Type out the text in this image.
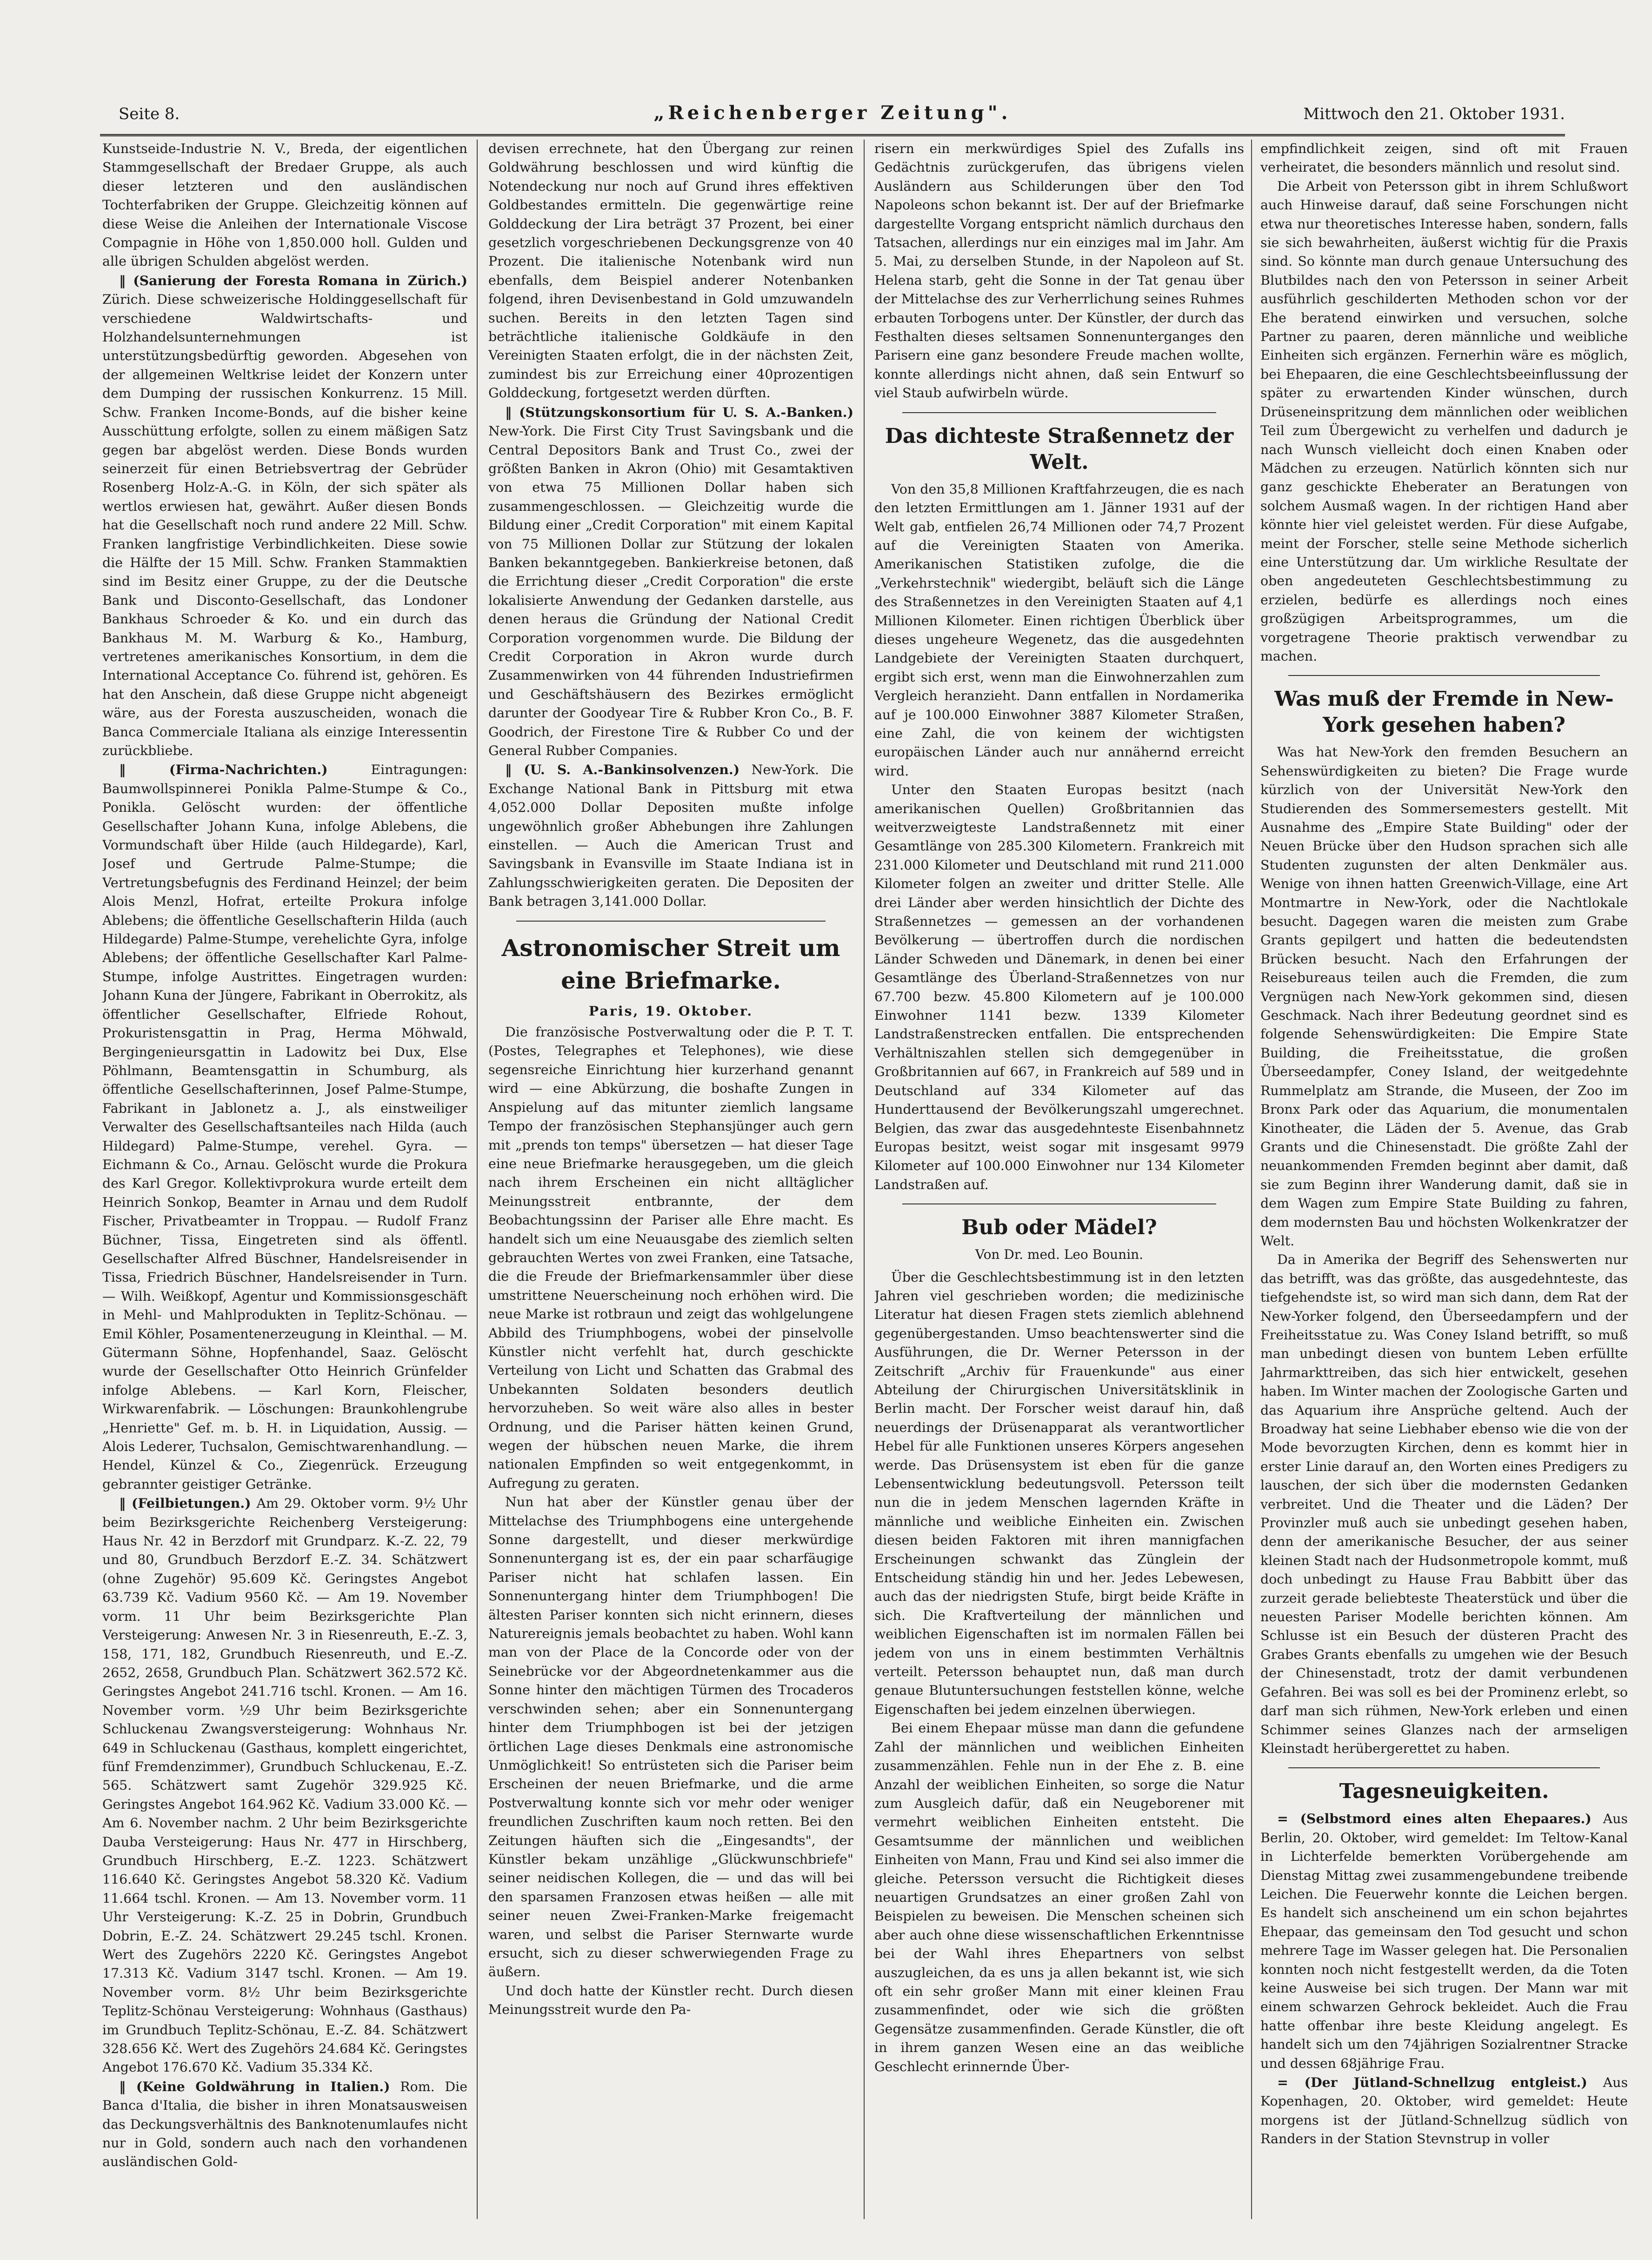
Seite 8.	„Reichenberger Zeitung".	Mittwoch den 21. Oktober 1931.

Kunstseide-Industrie N. V., Breda, der eigentlichen Stammgesellschaft der Bredaer Gruppe, als auch dieser letzteren und den ausländischen Tochterfabriken der Gruppe. Gleichzeitig können auf diese Weise die Anleihen der Internationale Viscose Compagnie in Höhe von 1,850.000 holl. Gulden und alle übrigen Schulden abgelöst werden.

‖ (Sanierung der Foresta Romana in Zürich.) Zürich. Diese schweizerische Holdinggesellschaft für verschiedene Waldwirtschafts- und Holzhandelsunternehmungen ist unterstützungsbedürftig geworden. Abgesehen von der allgemeinen Weltkrise leidet der Konzern unter dem Dumping der russischen Konkurrenz. 15 Mill. Schw. Franken Income-Bonds, auf die bisher keine Ausschüttung erfolgte, sollen zu einem mäßigen Satz gegen bar abgelöst werden. Diese Bonds wurden seinerzeit für einen Betriebsvertrag der Gebrüder Rosenberg Holz-A.-G. in Köln, der sich später als wertlos erwiesen hat, gewährt. Außer diesen Bonds hat die Gesellschaft noch rund andere 22 Mill. Schw. Franken langfristige Verbindlichkeiten. Diese sowie die Hälfte der 15 Mill. Schw. Franken Stammaktien sind im Besitz einer Gruppe, zu der die Deutsche Bank und Disconto-Gesellschaft, das Londoner Bankhaus Schroeder & Ko. und ein durch das Bankhaus M. M. Warburg & Ko., Hamburg, vertretenes amerikanisches Konsortium, in dem die International Acceptance Co. führend ist, gehören. Es hat den Anschein, daß diese Gruppe nicht abgeneigt wäre, aus der Foresta auszuscheiden, wonach die Banca Commerciale Italiana als einzige Interessentin zurückbliebe.

‖ (Firma-Nachrichten.)	Eintragungen: Baumwollspinnerei Ponikla Palme-Stumpe & Co., Ponikla. Gelöscht wurden: der öffentliche Gesellschafter Johann Kuna, infolge Ablebens, die Vormundschaft über Hilde (auch Hildegarde), Karl, Josef und Gertrude Palme-Stumpe; die Vertretungsbefugnis des Ferdinand Heinzel; der beim Alois Menzl, Hofrat, erteilte Prokura infolge Ablebens; die öffentliche Gesellschafterin Hilda (auch Hildegarde) Palme-Stumpe, verehelichte Gyra, infolge Ablebens; der öffentliche Gesellschafter Karl Palme-Stumpe, infolge Austrittes. Eingetragen wurden: Johann Kuna der Jüngere, Fabrikant in Oberrokitz, als öffentlicher Gesellschafter, Elfriede Rohout, Prokuristensgattin in Prag, Herma Möhwald, Bergingenieursgattin in Ladowitz bei Dux, Else Pöhlmann, Beamtensgattin in Schumburg, als öffentliche Gesellschafterinnen, Josef Palme-Stumpe, Fabrikant in Jablonetz a. J., als einstweiliger Verwalter des Gesellschaftsanteiles nach Hilda (auch Hildegard) Palme-Stumpe, verehel. Gyra. — Eichmann & Co., Arnau. Gelöscht wurde die Prokura des Karl Gregor. Kollektivprokura wurde erteilt dem Heinrich Sonkop, Beamter in Arnau und dem Rudolf Fischer, Privatbeamter in Troppau. — Rudolf Franz Büchner, Tissa, Eingetreten sind als öffentl. Gesellschafter Alfred Büschner, Handelsreisender in Tissa, Friedrich Büschner, Handelsreisender in Turn. — Wilh. Weißkopf, Agentur und Kommissionsgeschäft in Mehl- und Mahlprodukten in Teplitz-Schönau. — Emil Köhler, Posamentenerzeugung in Kleinthal. — M. Gütermann Söhne, Hopfenhandel, Saaz. Gelöscht wurde der Gesellschafter Otto Heinrich Grünfelder infolge Ablebens. — Karl Korn, Fleischer, Wirkwarenfabrik. — Löschungen: Braunkohlengrube „Henriette" Gef. m. b. H. in Liquidation, Aussig. — Alois Lederer, Tuchsalon, Gemischtwarenhandlung. — Hendel, Künzel & Co., Ziegenrück. Erzeugung gebrannter geistiger Getränke.

‖ (Feilbietungen.) Am 29. Oktober vorm. 9½ Uhr beim Bezirksgerichte Reichenberg Versteigerung: Haus Nr. 42 in Berzdorf mit Grundparz. K.-Z. 22, 79 und 80, Grundbuch Berzdorf E.-Z. 34. Schätzwert (ohne Zugehör) 95.609 Kč. Geringstes Angebot 63.739 Kč. Vadium 9560 Kč. — Am 19. November vorm. 11 Uhr beim Bezirksgerichte Plan Versteigerung: Anwesen Nr. 3 in Riesenreuth, E.-Z. 3, 158, 171, 182, Grundbuch Riesenreuth, und E.-Z. 2652, 2658, Grundbuch Plan. Schätzwert 362.572 Kč. Geringstes Angebot 241.716 tschl. Kronen. — Am 16. November vorm. ½9 Uhr beim Bezirksgerichte Schluckenau Zwangsversteigerung: Wohnhaus Nr. 649 in Schluckenau (Gasthaus, komplett eingerichtet, fünf Fremdenzimmer), Grundbuch Schluckenau, E.-Z. 565. Schätzwert samt Zugehör 329.925 Kč. Geringstes Angebot 164.962 Kč. Vadium 33.000 Kč. — Am 6. November nachm. 2 Uhr beim Bezirksgerichte Dauba Versteigerung: Haus Nr. 477 in Hirschberg, Grundbuch Hirschberg, E.-Z. 1223. Schätzwert 116.640 Kč. Geringstes Angebot 58.320 Kč. Vadium 11.664 tschl. Kronen. — Am 13. November vorm. 11 Uhr Versteigerung: K.-Z. 25 in Dobrin, Grundbuch Dobrin, E.-Z. 24. Schätzwert 29.245 tschl. Kronen. Wert des Zugehörs 2220 Kč. Geringstes Angebot 17.313 Kč. Vadium 3147 tschl. Kronen. — Am 19. November vorm. 8½ Uhr beim Bezirksgerichte Teplitz-Schönau Versteigerung: Wohnhaus (Gasthaus) im Grundbuch Teplitz-Schönau, E.-Z. 84. Schätzwert 328.656 Kč. Wert des Zugehörs 24.684 Kč. Geringstes Angebot 176.670 Kč. Vadium 35.334 Kč.

‖ (Keine Goldwährung in Italien.) Rom. Die Banca d'Italia, die bisher in ihren Monatsausweisen das Deckungsverhältnis des Banknotenumlaufes nicht nur in Gold, sondern auch nach den vorhandenen ausländischen Gold-

devisen errechnete, hat den Übergang zur reinen Goldwährung beschlossen und wird künftig die Notendeckung nur noch auf Grund ihres effektiven Goldbestandes ermitteln. Die gegenwärtige reine Golddeckung der Lira beträgt 37 Prozent, bei einer gesetzlich vorgeschriebenen Deckungsgrenze von 40 Prozent. Die italienische Notenbank wird nun ebenfalls, dem Beispiel anderer Notenbanken folgend, ihren Devisenbestand in Gold umzuwandeln suchen. Bereits in den letzten Tagen sind beträchtliche italienische Goldkäufe in den Vereinigten Staaten erfolgt, die in der nächsten Zeit, zumindest bis zur Erreichung einer 40prozentigen Golddeckung, fortgesetzt werden dürften.

‖ (Stützungskonsortium für U. S. A.-Banken.) New-York. Die First City Trust Savingsbank und die Central Depositors Bank and Trust Co., zwei der größten Banken in Akron (Ohio) mit Gesamtaktiven von etwa 75 Millionen Dollar haben sich zusammengeschlossen. — Gleichzeitig wurde die Bildung einer „Credit Corporation" mit einem Kapital von 75 Millionen Dollar zur Stützung der lokalen Banken bekanntgegeben. Bankierkreise betonen, daß die Errichtung dieser „Credit Corporation" die erste lokalisierte Anwendung der Gedanken darstelle, aus denen heraus die Gründung der National Credit Corporation vorgenommen wurde. Die Bildung der Credit Corporation in Akron wurde durch Zusammenwirken von 44 führenden Industriefirmen und Geschäftshäusern des Bezirkes ermöglicht darunter der Goodyear Tire & Rubber Kron Co., B. F. Goodrich, der Firestone Tire & Rubber Co und der General Rubber Companies.

‖ (U. S. A.-Bankinsolvenzen.) New-York. Die Exchange National Bank in Pittsburg mit etwa 4,052.000 Dollar Depositen mußte infolge ungewöhnlich großer Abhebungen ihre Zahlungen einstellen. — Auch die American Trust and Savingsbank in Evansville im Staate Indiana ist in Zahlungsschwierigkeiten geraten. Die Depositen der Bank betragen 3,141.000 Dollar.

Astronomischer Streit um eine Briefmarke.
Paris, 19. Oktober.

Die französische Postverwaltung oder die P. T. T. (Postes, Telegraphes et Telephones), wie diese segensreiche Einrichtung hier kurzerhand genannt wird — eine Abkürzung, die boshafte Zungen in Anspielung auf das mitunter ziemlich langsame Tempo der französischen Stephansjünger auch gern mit „prends ton temps" übersetzen — hat dieser Tage eine neue Briefmarke herausgegeben, um die gleich nach ihrem Erscheinen ein nicht alltäglicher Meinungsstreit entbrannte, der dem Beobachtungssinn der Pariser alle Ehre macht. Es handelt sich um eine Neuausgabe des ziemlich selten gebrauchten Wertes von zwei Franken, eine Tatsache, die die Freude der Briefmarkensammler über diese umstrittene Neuerscheinung noch erhöhen wird. Die neue Marke ist rotbraun und zeigt das wohlgelungene Abbild des Triumphbogens, wobei der pinselvolle Künstler nicht verfehlt hat, durch geschickte Verteilung von Licht und Schatten das Grabmal des Unbekannten Soldaten besonders deutlich hervorzuheben. So weit wäre also alles in bester Ordnung, und die Pariser hätten keinen Grund, wegen der hübschen neuen Marke, die ihrem nationalen Empfinden so weit entgegenkommt, in Aufregung zu geraten.

Nun hat aber der Künstler genau über der Mittelachse des Triumphbogens eine untergehende Sonne dargestellt, und dieser merkwürdige Sonnenuntergang ist es, der ein paar scharfäugige Pariser nicht hat schlafen lassen. Ein Sonnenuntergang hinter dem Triumphbogen! Die ältesten Pariser konnten sich nicht erinnern, dieses Naturereignis jemals beobachtet zu haben. Wohl kann man von der Place de la Concorde oder von der Seinebrücke vor der Abgeordnetenkammer aus die Sonne hinter den mächtigen Türmen des Trocaderos verschwinden sehen; aber ein Sonnenuntergang hinter dem Triumphbogen ist bei der jetzigen örtlichen Lage dieses Denkmals eine astronomische Unmöglichkeit! So entrüsteten sich die Pariser beim Erscheinen der neuen Briefmarke, und die arme Postverwaltung konnte sich vor mehr oder weniger freundlichen Zuschriften kaum noch retten. Bei den Zeitungen häuften sich die „Eingesandts", der Künstler bekam unzählige „Glückwunschbriefe" seiner neidischen Kollegen, die — und das will bei den sparsamen Franzosen etwas heißen — alle mit seiner neuen Zwei-Franken-Marke freigemacht waren, und selbst die Pariser Sternwarte wurde ersucht, sich zu dieser schwerwiegenden Frage zu äußern.

Und doch hatte der Künstler recht. Durch diesen Meinungsstreit wurde den Pa-

risern ein merkwürdiges Spiel des Zufalls ins Gedächtnis zurückgerufen, das übrigens vielen Ausländern aus Schilderungen über den Tod Napoleons schon bekannt ist. Der auf der Briefmarke dargestellte Vorgang entspricht nämlich durchaus den Tatsachen, allerdings nur ein einziges mal im Jahr. Am 5. Mai, zu derselben Stunde, in der Napoleon auf St. Helena starb, geht die Sonne in der Tat genau über der Mittelachse des zur Verherrlichung seines Ruhmes erbauten Torbogens unter. Der Künstler, der durch das Festhalten dieses seltsamen Sonnenunterganges den Parisern eine ganz besondere Freude machen wollte, konnte allerdings nicht ahnen, daß sein Entwurf so viel Staub aufwirbeln würde.

Das dichteste Straßennetz der Welt.

Von den 35,8 Millionen Kraftfahrzeugen, die es nach den letzten Ermittlungen am 1. Jänner 1931 auf der Welt gab, entfielen 26,74 Millionen oder 74,7 Prozent auf die Vereinigten Staaten von Amerika. Amerikanischen Statistiken zufolge, die die „Verkehrstechnik" wiedergibt, beläuft sich die Länge des Straßennetzes in den Vereinigten Staaten auf 4,1 Millionen Kilometer. Einen richtigen Überblick über dieses ungeheure Wegenetz, das die ausgedehnten Landgebiete der Vereinigten Staaten durchquert, ergibt sich erst, wenn man die Einwohnerzahlen zum Vergleich heranzieht. Dann entfallen in Nordamerika auf je 100.000 Einwohner 3887 Kilometer Straßen, eine Zahl, die von keinem der wichtigsten europäischen Länder auch nur annähernd erreicht wird.

Unter den Staaten Europas besitzt (nach amerikanischen Quellen) Großbritannien das weitverzweigteste Landstraßennetz mit einer Gesamtlänge von 285.300 Kilometern. Frankreich mit 231.000 Kilometer und Deutschland mit rund 211.000 Kilometer folgen an zweiter und dritter Stelle. Alle drei Länder aber werden hinsichtlich der Dichte des Straßennetzes — gemessen an der vorhandenen Bevölkerung — übertroffen durch die nordischen Länder Schweden und Dänemark, in denen bei einer Gesamtlänge des Überland-Straßennetzes von nur 67.700 bezw. 45.800 Kilometern auf je 100.000 Einwohner 1141 bezw. 1339 Kilometer Landstraßenstrecken entfallen. Die entsprechenden Verhältniszahlen stellen sich demgegenüber in Großbritannien auf 667, in Frankreich auf 589 und in Deutschland auf 334 Kilometer auf das Hunderttausend der Bevölkerungszahl umgerechnet. Belgien, das zwar das ausgedehnteste Eisenbahnnetz Europas besitzt, weist sogar mit insgesamt 9979 Kilometer auf 100.000 Einwohner nur 134 Kilometer Landstraßen auf.

Bub oder Mädel?
Von Dr. med. Leo Bounin.

Über die Geschlechtsbestimmung ist in den letzten Jahren viel geschrieben worden; die medizinische Literatur hat diesen Fragen stets ziemlich ablehnend gegenübergestanden. Umso beachtenswerter sind die Ausführungen, die Dr. Werner Petersson in der Zeitschrift „Archiv für Frauenkunde" aus einer Abteilung der Chirurgischen Universitätsklinik in Berlin macht. Der Forscher weist darauf hin, daß neuerdings der Drüsenapparat als verantwortlicher Hebel für alle Funktionen unseres Körpers angesehen werde. Das Drüsensystem ist eben für die ganze Lebensentwicklung bedeutungsvoll. Petersson teilt nun die in jedem Menschen lagernden Kräfte in männliche und weibliche Einheiten ein. Zwischen diesen beiden Faktoren mit ihren mannigfachen Erscheinungen schwankt das Zünglein der Entscheidung ständig hin und her. Jedes Lebewesen, auch das der niedrigsten Stufe, birgt beide Kräfte in sich. Die Kraftverteilung der männlichen und weiblichen Eigenschaften ist im normalen Fällen bei jedem von uns in einem bestimmten Verhältnis verteilt. Petersson behauptet nun, daß man durch genaue Blutuntersuchungen feststellen könne, welche Eigenschaften bei jedem einzelnen überwiegen.

Bei einem Ehepaar müsse man dann die gefundene Zahl der männlichen und weiblichen Einheiten zusammenzählen. Fehle nun in der Ehe z. B. eine Anzahl der weiblichen Einheiten, so sorge die Natur zum Ausgleich dafür, daß ein Neugeborener mit vermehrt weiblichen Einheiten entsteht. Die Gesamtsumme der männlichen und weiblichen Einheiten von Mann, Frau und Kind sei also immer die gleiche. Petersson versucht die Richtigkeit dieses neuartigen Grundsatzes an einer großen Zahl von Beispielen zu beweisen. Die Menschen scheinen sich aber auch ohne diese wissenschaftlichen Erkenntnisse bei der Wahl ihres Ehepartners von selbst auszugleichen, da es uns ja allen bekannt ist, wie sich oft ein sehr großer Mann mit einer kleinen Frau zusammenfindet, oder wie sich die größten Gegensätze zusammenfinden. Gerade Künstler, die oft in ihrem ganzen Wesen eine an das weibliche Geschlecht erinnernde Über-

empfindlichkeit zeigen, sind oft mit Frauen verheiratet, die besonders männlich und resolut sind.

Die Arbeit von Petersson gibt in ihrem Schlußwort auch Hinweise darauf, daß seine Forschungen nicht etwa nur theoretisches Interesse haben, sondern, falls sie sich bewahrheiten, äußerst wichtig für die Praxis sind. So könnte man durch genaue Untersuchung des Blutbildes nach den von Petersson in seiner Arbeit ausführlich geschilderten Methoden schon vor der Ehe beratend einwirken und versuchen, solche Partner zu paaren, deren männliche und weibliche Einheiten sich ergänzen. Fernerhin wäre es möglich, bei Ehepaaren, die eine Geschlechtsbeeinflussung der später zu erwartenden Kinder wünschen, durch Drüseneinspritzung dem männlichen oder weiblichen Teil zum Übergewicht zu verhelfen und dadurch je nach Wunsch vielleicht doch einen Knaben oder Mädchen zu erzeugen. Natürlich könnten sich nur ganz geschickte Eheberater an Beratungen von solchem Ausmaß wagen. In der richtigen Hand aber könnte hier viel geleistet werden. Für diese Aufgabe, meint der Forscher, stelle seine Methode sicherlich eine Unterstützung dar. Um wirkliche Resultate der oben angedeuteten Geschlechtsbestimmung zu erzielen, bedürfe es allerdings noch eines großzügigen Arbeitsprogrammes, um die vorgetragene Theorie praktisch verwendbar zu machen.

Was muß der Fremde in New-York gesehen haben?

Was hat New-York den fremden Besuchern an Sehenswürdigkeiten zu bieten? Die Frage wurde kürzlich von der Universität New-York den Studierenden des Sommersemesters gestellt. Mit Ausnahme des „Empire State Building" oder der Neuen Brücke über den Hudson sprachen sich alle Studenten zugunsten der alten Denkmäler aus. Wenige von ihnen hatten Greenwich-Village, eine Art Montmartre in New-York, oder die Nachtlokale besucht. Dagegen waren die meisten zum Grabe Grants gepilgert und hatten die bedeutendsten Brücken besucht. Nach den Erfahrungen der Reisebureaus teilen auch die Fremden, die zum Vergnügen nach New-York gekommen sind, diesen Geschmack. Nach ihrer Bedeutung geordnet sind es folgende Sehenswürdigkeiten: Die Empire State Building, die Freiheitsstatue, die großen Überseedampfer, Coney Island, der weitgedehnte Rummelplatz am Strande, die Museen, der Zoo im Bronx Park oder das Aquarium, die monumentalen Kinotheater, die Läden der 5. Avenue, das Grab Grants und die Chinesenstadt. Die größte Zahl der neuankommenden Fremden beginnt aber damit, daß sie zum Beginn ihrer Wanderung damit, daß sie in dem Wagen zum Empire State Building zu fahren, dem modernsten Bau und höchsten Wolkenkratzer der Welt.

Da in Amerika der Begriff des Sehenswerten nur das betrifft, was das größte, das ausgedehnteste, das tiefgehendste ist, so wird man sich dann, dem Rat der New-Yorker folgend, den Überseedampfern und der Freiheitsstatue zu. Was Coney Island betrifft, so muß man unbedingt diesen von buntem Leben erfüllte Jahrmarkttreiben, das sich hier entwickelt, gesehen haben. Im Winter machen der Zoologische Garten und das Aquarium ihre Ansprüche geltend. Auch der Broadway hat seine Liebhaber ebenso wie die von der Mode bevorzugten Kirchen, denn es kommt hier in erster Linie darauf an, den Worten eines Predigers zu lauschen, der sich über die modernsten Gedanken verbreitet. Und die Theater und die Läden? Der Provinzler muß auch sie unbedingt gesehen haben, denn der amerikanische Besucher, der aus seiner kleinen Stadt nach der Hudsonmetropole kommt, muß doch unbedingt zu Hause Frau Babbitt über das zurzeit gerade beliebteste Theaterstück und über die neuesten Pariser Modelle berichten können. Am Schlusse ist ein Besuch der düsteren Pracht des Grabes Grants ebenfalls zu umgehen wie der Besuch der Chinesenstadt, trotz der damit verbundenen Gefahren. Bei was soll es bei der Prominenz erlebt, so darf man sich rühmen, New-York erleben und einen Schimmer seines Glanzes nach der armseligen Kleinstadt herübergerettet zu haben.

Tagesneuigkeiten.

= (Selbstmord eines alten Ehepaares.) Aus Berlin, 20. Oktober, wird gemeldet: Im Teltow-Kanal in Lichterfelde bemerkten Vorübergehende am Dienstag Mittag zwei zusammengebundene treibende Leichen. Die Feuerwehr konnte die Leichen bergen. Es handelt sich anscheinend um ein schon bejahrtes Ehepaar, das gemeinsam den Tod gesucht und schon mehrere Tage im Wasser gelegen hat. Die Personalien konnten noch nicht festgestellt werden, da die Toten keine Ausweise bei sich trugen. Der Mann war mit einem schwarzen Gehrock bekleidet. Auch die Frau hatte offenbar ihre beste Kleidung angelegt. Es handelt sich um den 74jährigen Sozialrentner Stracke und dessen 68jährige Frau.

= (Der Jütland-Schnellzug entgleist.) Aus Kopenhagen, 20. Oktober, wird gemeldet: Heute morgens ist der Jütland-Schnellzug südlich von Randers in der Station Stevnstrup in voller
